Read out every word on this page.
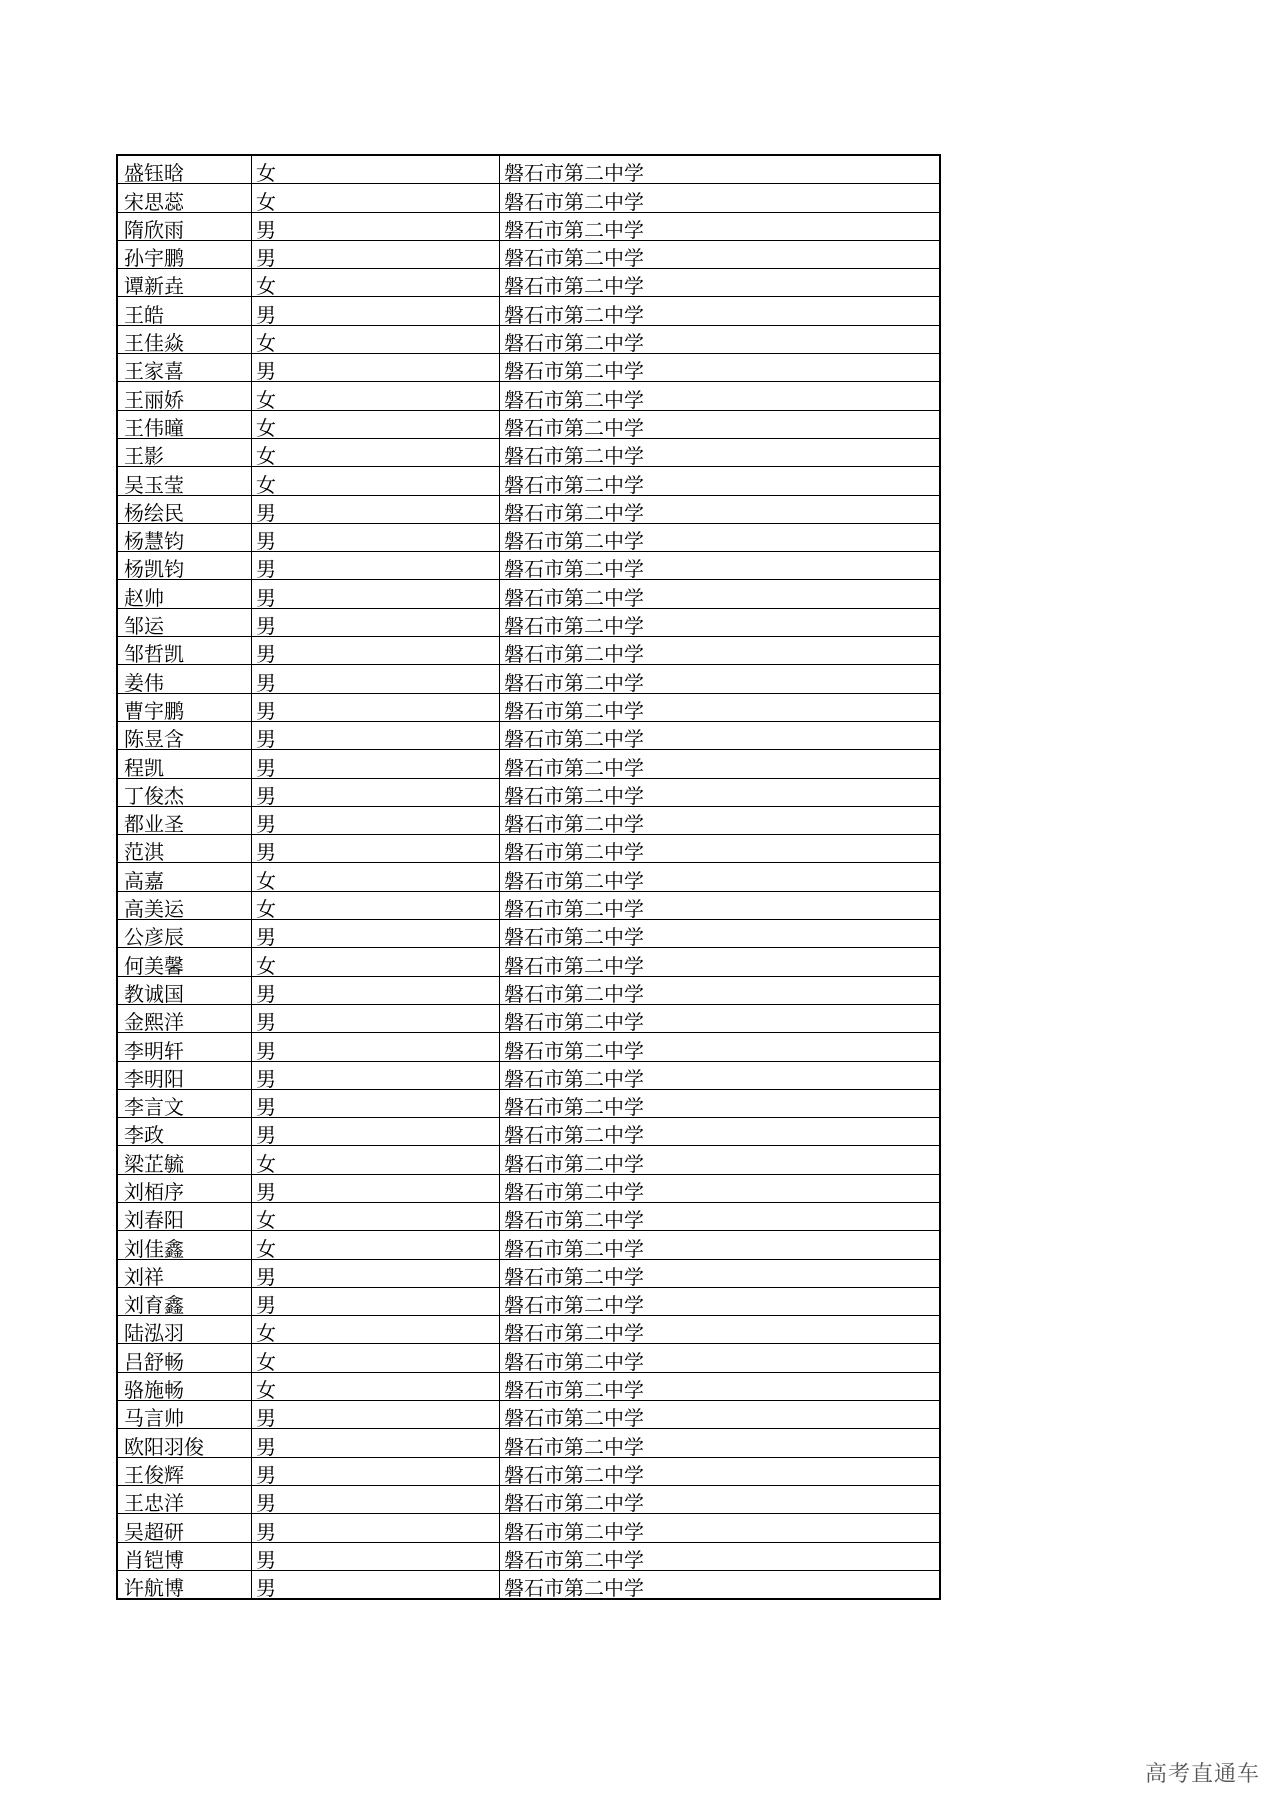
盛钰晗	女	磐石市第二中学
宋思蕊	女	磐石市第二中学
隋欣雨	男	磐石市第二中学
孙宇鹏	男	磐石市第二中学
谭新垚	女	磐石市第二中学
王皓	男	磐石市第二中学
王佳焱	女	磐石市第二中学
王家喜	男	磐石市第二中学
王丽娇	女	磐石市第二中学
王伟曈	女	磐石市第二中学
王影	女	磐石市第二中学
吴玉莹	女	磐石市第二中学
杨绘民	男	磐石市第二中学
杨慧钧	男	磐石市第二中学
杨凯钧	男	磐石市第二中学
赵帅	男	磐石市第二中学
邹运	男	磐石市第二中学
邹哲凯	男	磐石市第二中学
姜伟	男	磐石市第二中学
曹宇鹏	男	磐石市第二中学
陈昱含	男	磐石市第二中学
程凯	男	磐石市第二中学
丁俊杰	男	磐石市第二中学
都业圣	男	磐石市第二中学
范淇	男	磐石市第二中学
高嘉	女	磐石市第二中学
高美运	女	磐石市第二中学
公彦辰	男	磐石市第二中学
何美馨	女	磐石市第二中学
教诚国	男	磐石市第二中学
金熙洋	男	磐石市第二中学
李明轩	男	磐石市第二中学
李明阳	男	磐石市第二中学
李言文	男	磐石市第二中学
李政	男	磐石市第二中学
梁芷毓	女	磐石市第二中学
刘栢序	男	磐石市第二中学
刘春阳	女	磐石市第二中学
刘佳鑫	女	磐石市第二中学
刘祥	男	磐石市第二中学
刘育鑫	男	磐石市第二中学
陆泓羽	女	磐石市第二中学
吕舒畅	女	磐石市第二中学
骆施畅	女	磐石市第二中学
马言帅	男	磐石市第二中学
欧阳羽俊	男	磐石市第二中学
王俊辉	男	磐石市第二中学
王忠洋	男	磐石市第二中学
吴超研	男	磐石市第二中学
肖铠博	男	磐石市第二中学
许航博	男	磐石市第二中学
高考直通车
